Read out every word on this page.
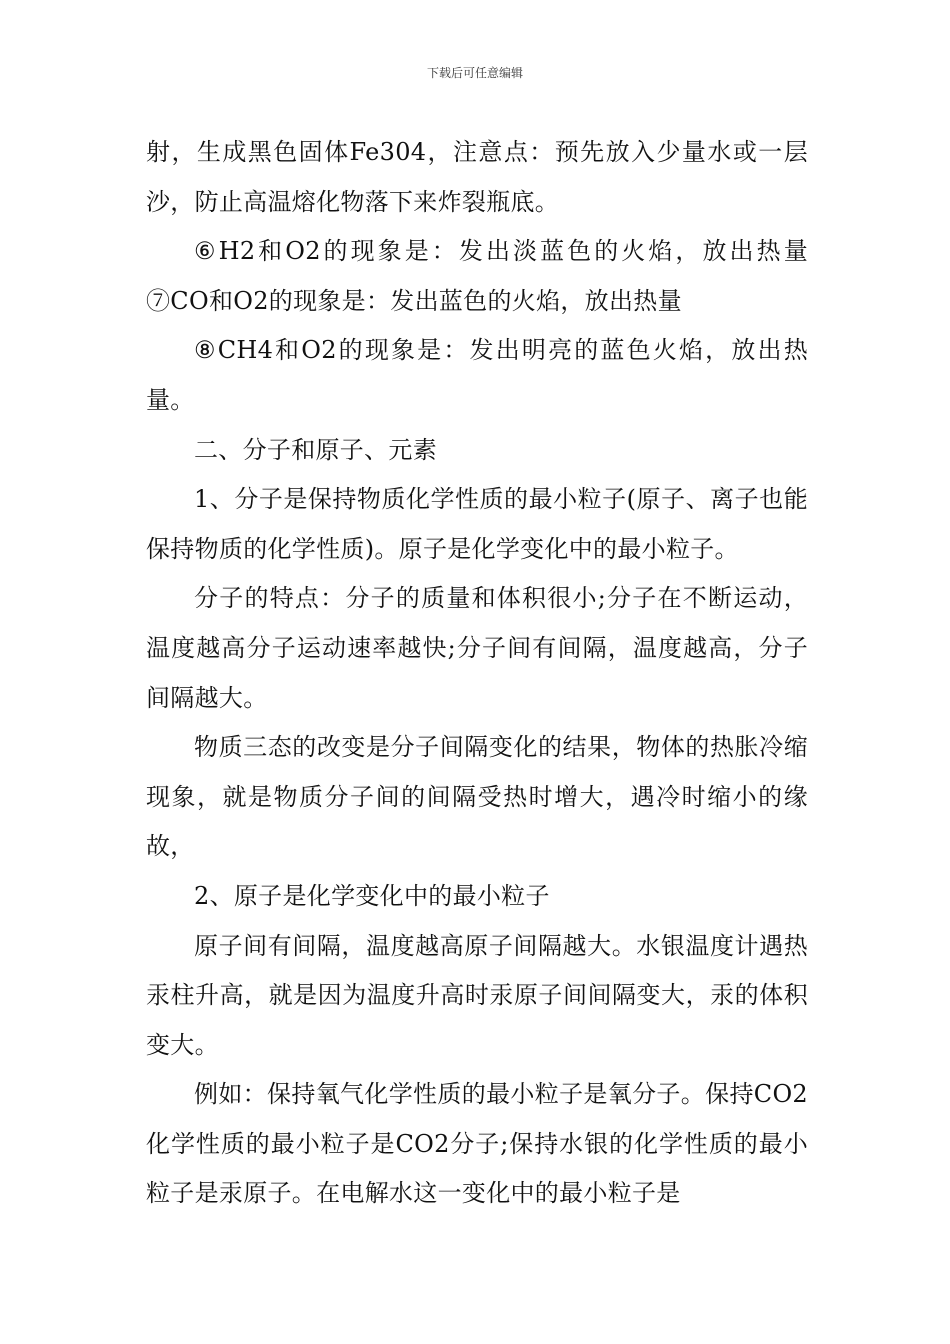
下载后可任意编辑

射，生成黑色固体Fe304，注意点：预先放入少量水或一层沙，防止高温熔化物落下来炸裂瓶底。

⑥H2和O2的现象是：发出淡蓝色的火焰，放出热量⑦CO和O2的现象是：发出蓝色的火焰，放出热量

⑧CH4和O2的现象是：发出明亮的蓝色火焰，放出热量。

二、分子和原子、元素

1、分子是保持物质化学性质的最小粒子(原子、离子也能保持物质的化学性质)。原子是化学变化中的最小粒子。

分子的特点：分子的质量和体积很小;分子在不断运动，温度越高分子运动速率越快;分子间有间隔，温度越高，分子间隔越大。

物质三态的改变是分子间隔变化的结果，物体的热胀冷缩现象，就是物质分子间的间隔受热时增大，遇冷时缩小的缘故，

2、原子是化学变化中的最小粒子

原子间有间隔，温度越高原子间隔越大。水银温度计遇热汞柱升高，就是因为温度升高时汞原子间间隔变大，汞的体积变大。

例如：保持氧气化学性质的最小粒子是氧分子。保持CO2化学性质的最小粒子是CO2分子;保持水银的化学性质的最小粒子是汞原子。在电解水这一变化中的最小粒子是
